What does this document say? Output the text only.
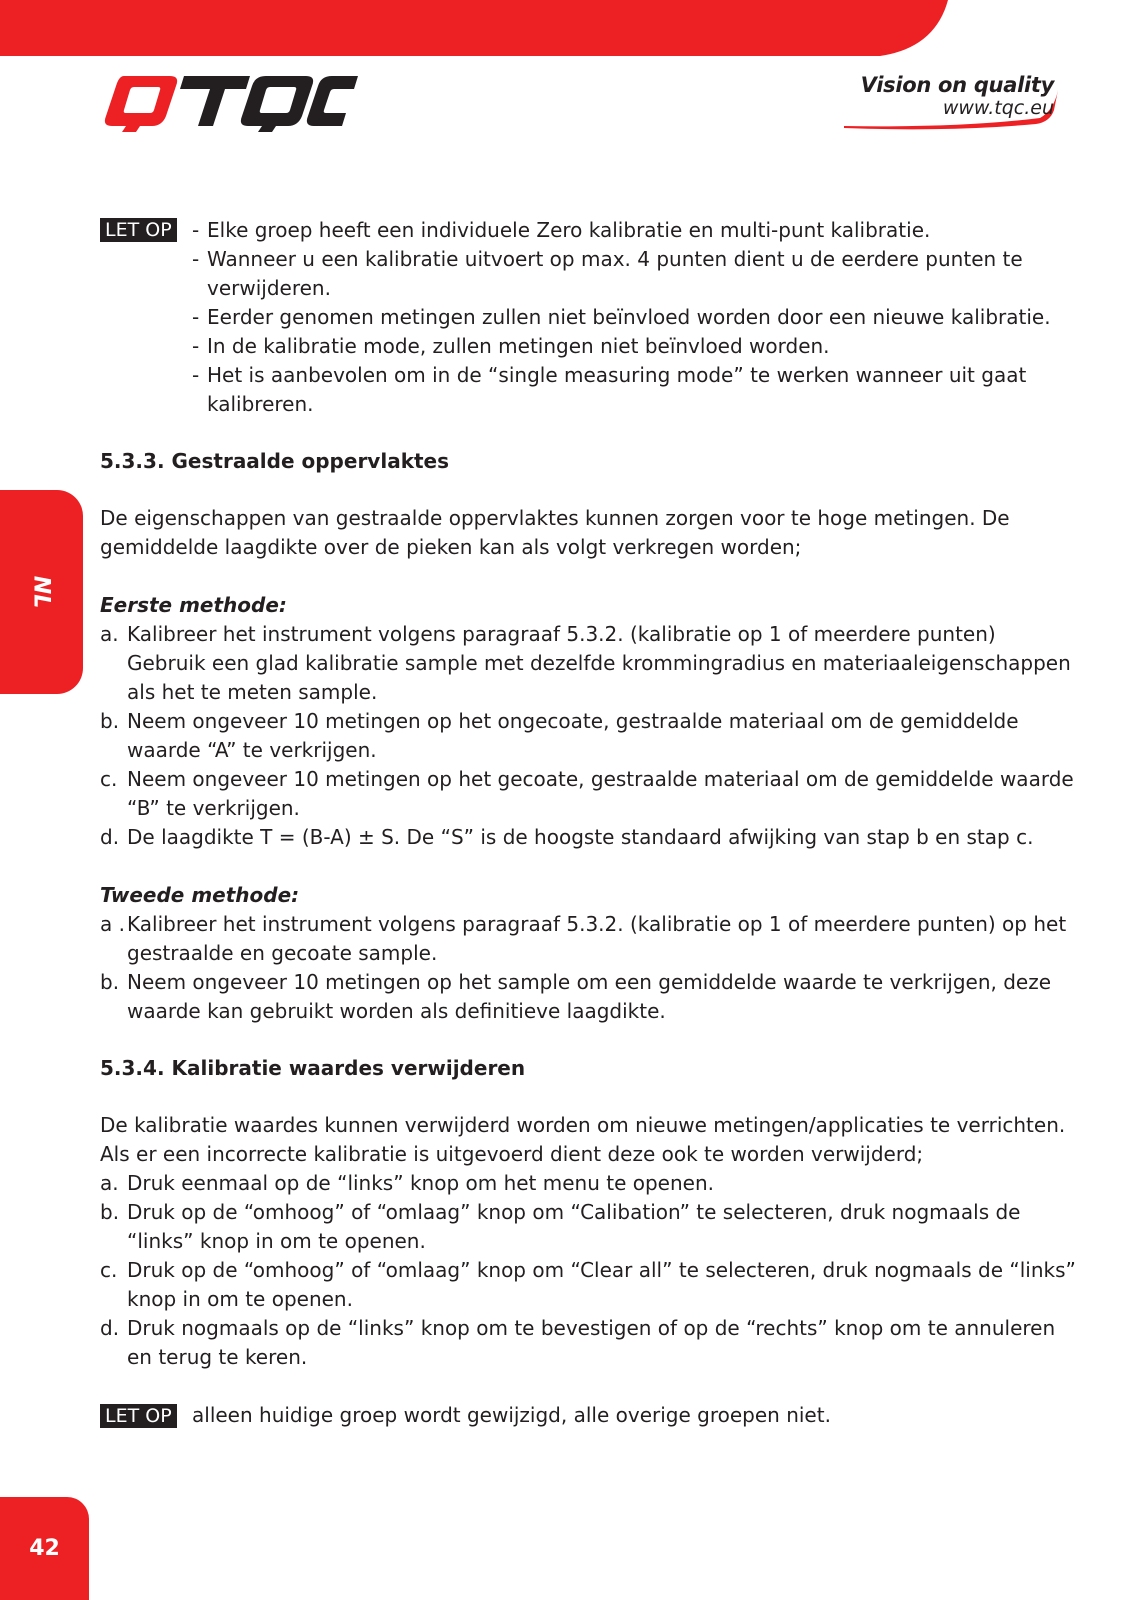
Vision on quality
www.tqc.eu
NL
42
LET OP - Elke groep heeft een individuele Zero kalibratie en multi-punt kalibratie.
- Wanneer u een kalibratie uitvoert op max. 4 punten dient u de eerdere punten te verwijderen.
- Eerder genomen metingen zullen niet beïnvloed worden door een nieuwe kalibratie.
- In de kalibratie mode, zullen metingen niet beïnvloed worden.
- Het is aanbevolen om in de “single measuring mode” te werken wanneer uit gaat kalibreren.
5.3.3. Gestraalde oppervlaktes

De eigenschappen van gestraalde oppervlaktes kunnen zorgen voor te hoge metingen. De gemiddelde laagdikte over de pieken kan als volgt verkregen worden;

Eerste methode:
a. Kalibreer het instrument volgens paragraaf 5.3.2. (kalibratie op 1 of meerdere punten) Gebruik een glad kalibratie sample met dezelfde krommingradius en materiaaleigenschappen als het te meten sample.
b. Neem ongeveer 10 metingen op het ongecoate, gestraalde materiaal om de gemiddelde waarde “A” te verkrijgen.
c. Neem ongeveer 10 metingen op het gecoate, gestraalde materiaal om de gemiddelde waarde “B” te verkrijgen.
d. De laagdikte T = (B-A) ± S. De “S” is de hoogste standaard afwijking van stap b en stap c.
Tweede methode:
a . Kalibreer het instrument volgens paragraaf 5.3.2. (kalibratie op 1 of meerdere punten) op het gestraalde en gecoate sample.
b. Neem ongeveer 10 metingen op het sample om een gemiddelde waarde te verkrijgen, deze waarde kan gebruikt worden als definitieve laagdikte.
5.3.4. Kalibratie waardes verwijderen

De kalibratie waardes kunnen verwijderd worden om nieuwe metingen/applicaties te verrichten. Als er een incorrecte kalibratie is uitgevoerd dient deze ook te worden verwijderd;

a. Druk eenmaal op de “links” knop om het menu te openen.
b. Druk op de “omhoog” of “omlaag” knop om “Calibation” te selecteren, druk nogmaals de “links” knop in om te openen.
c. Druk op de “omhoog” of “omlaag” knop om “Clear all” te selecteren, druk nogmaals de “links” knop in om te openen.
d. Druk nogmaals op de “links” knop om te bevestigen of op de “rechts” knop om te annuleren en terug te keren.
LET OP alleen huidige groep wordt gewijzigd, alle overige groepen niet.
